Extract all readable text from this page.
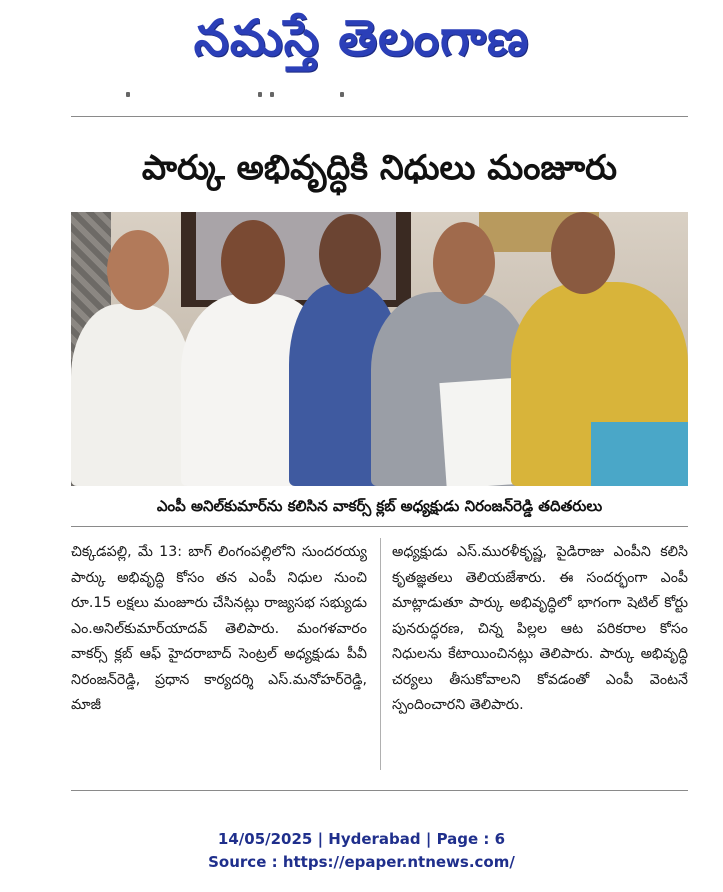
నమస్తే తెలంగాణ
పార్కు అభివృద్ధికి నిధులు మంజూరు
ఎంపీ అనిల్‌కుమార్‌ను కలిసిన వాకర్స్ క్లబ్ అధ్యక్షుడు నిరంజన్‌రెడ్డి తదితరులు
చిక్కడపల్లి, మే 13: బాగ్ లింగంపల్లిలోని సుందరయ్య పార్కు అభివృద్ధి కోసం తన ఎంపీ నిధుల నుంచి రూ.15 లక్షలు మంజూరు చేసినట్లు రాజ్యసభ సభ్యుడు ఎం.అనిల్‌కుమార్‌యాదవ్ తెలిపారు. మంగళవారం వాకర్స్ క్లబ్ ఆఫ్ హైదరాబాద్ సెంట్రల్ అధ్యక్షుడు పీవీ నిరంజన్‌రెడ్డి, ప్రధాన కార్యదర్శి ఎస్.మనోహర్‌రెడ్డి, మాజీ
అధ్యక్షుడు ఎస్.మురళీకృష్ణ, పైడిరాజు ఎంపీని కలిసి కృతజ్ఞతలు తెలియజేశారు. ఈ సందర్భంగా ఎంపీ మాట్లాడుతూ పార్కు అభివృద్ధిలో భాగంగా షెటిల్ కోర్టు పునరుద్ధరణ, చిన్న పిల్లల ఆట పరికరాల కోసం నిధులను కేటాయించినట్లు తెలిపారు. పార్కు అభివృద్ధి చర్యలు తీసుకోవాలని కోవడంతో ఎంపీ వెంటనే స్పందించారని తెలిపారు.
14/05/2025 | Hyderabad | Page : 6
Source : https://epaper.ntnews.com/
